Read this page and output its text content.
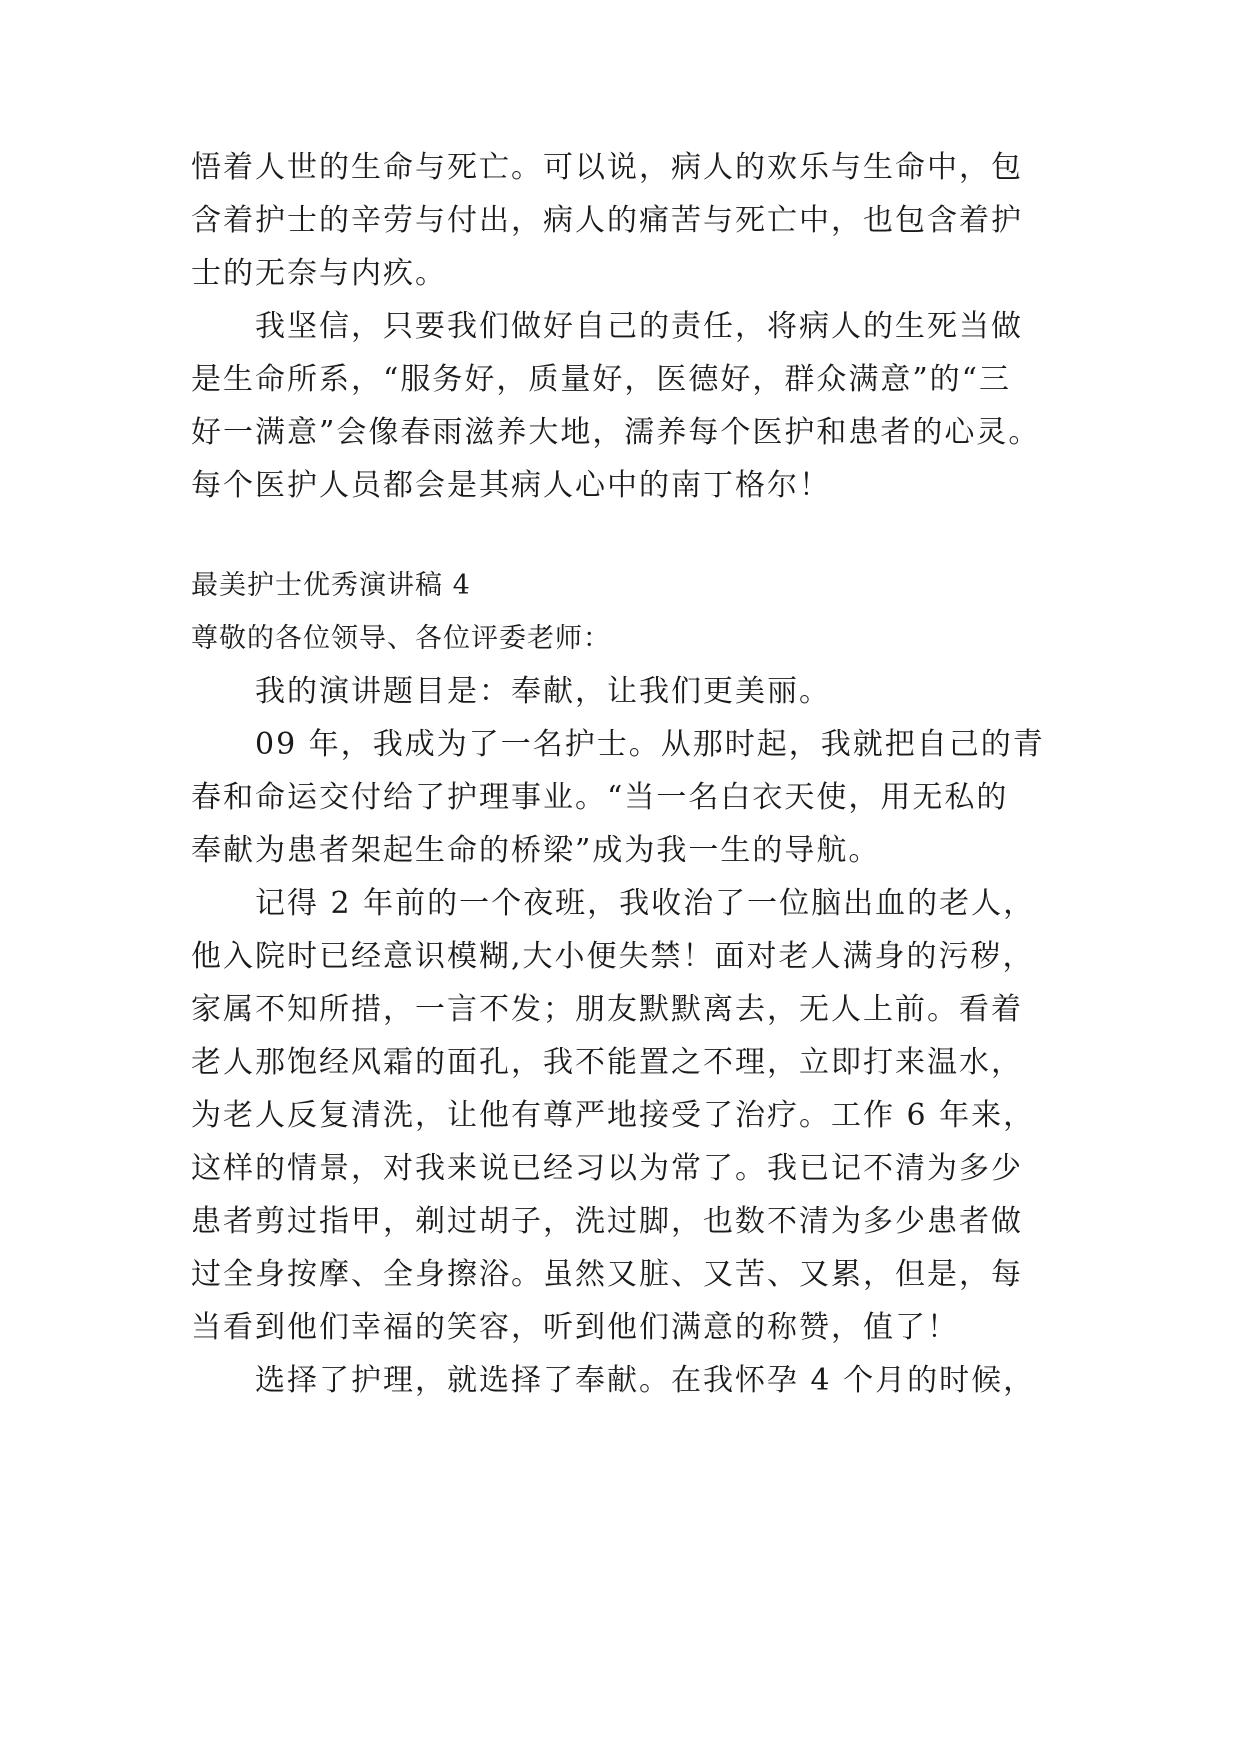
悟着人世的生命与死亡。可以说，病人的欢乐与生命中，包
含着护士的辛劳与付出，病人的痛苦与死亡中，也包含着护
士的无奈与内疚。
我坚信，只要我们做好自己的责任，将病人的生死当做
是生命所系，“服务好，质量好，医德好，群众满意”的“三
好一满意”会像春雨滋养大地，濡养每个医护和患者的心灵。
每个医护人员都会是其病人心中的南丁格尔！
最美护士优秀演讲稿 4
尊敬的各位领导、各位评委老师：
我的演讲题目是：奉献，让我们更美丽。
09 年，我成为了一名护士。从那时起，我就把自己的青
春和命运交付给了护理事业。“当一名白衣天使，用无私的
奉献为患者架起生命的桥梁”成为我一生的导航。
记得 2 年前的一个夜班，我收治了一位脑出血的老人，
他入院时已经意识模糊,大小便失禁！面对老人满身的污秽，
家属不知所措，一言不发；朋友默默离去，无人上前。看着
老人那饱经风霜的面孔，我不能置之不理，立即打来温水，
为老人反复清洗，让他有尊严地接受了治疗。工作 6 年来，
这样的情景，对我来说已经习以为常了。我已记不清为多少
患者剪过指甲，剃过胡子，洗过脚，也数不清为多少患者做
过全身按摩、全身擦浴。虽然又脏、又苦、又累，但是，每
当看到他们幸福的笑容，听到他们满意的称赞，值了！
选择了护理，就选择了奉献。在我怀孕 4 个月的时候，
